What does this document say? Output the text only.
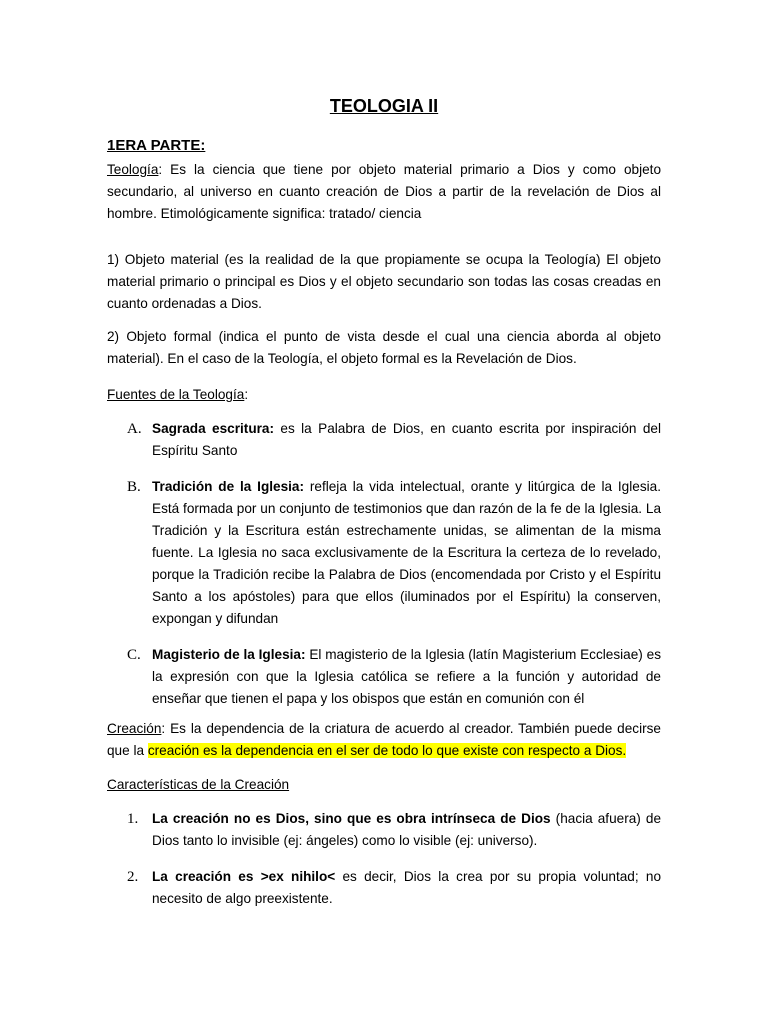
TEOLOGIA II
1ERA PARTE:

Teología: Es la ciencia que tiene por objeto material primario a Dios y como objeto secundario, al universo en cuanto creación de Dios a partir de la revelación de Dios al hombre. Etimológicamente significa: tratado/ ciencia

1) Objeto material (es la realidad de la que propiamente se ocupa la Teología) El objeto material primario o principal es Dios y el objeto secundario son todas las cosas creadas en cuanto ordenadas a Dios.

2) Objeto formal (indica el punto de vista desde el cual una ciencia aborda al objeto material). En el caso de la Teología, el objeto formal es la Revelación de Dios.

Fuentes de la Teología:

A. Sagrada escritura: es la Palabra de Dios, en cuanto escrita por inspiración del Espíritu Santo
B. Tradición de la Iglesia: refleja la vida intelectual, orante y litúrgica de la Iglesia. Está formada por un conjunto de testimonios que dan razón de la fe de la Iglesia. La Tradición y la Escritura están estrechamente unidas, se alimentan de la misma fuente. La Iglesia no saca exclusivamente de la Escritura la certeza de lo revelado, porque la Tradición recibe la Palabra de Dios (encomendada por Cristo y el Espíritu Santo a los apóstoles) para que ellos (iluminados por el Espíritu) la conserven, expongan y difundan
C. Magisterio de la Iglesia: El magisterio de la Iglesia (latín Magisterium Ecclesiae) es la expresión con que la Iglesia católica se refiere a la función y autoridad de enseñar que tienen el papa y los obispos que están en comunión con él

Creación: Es la dependencia de la criatura de acuerdo al creador. También puede decirse que la creación es la dependencia en el ser de todo lo que existe con respecto a Dios.

Características de la Creación

1. La creación no es Dios, sino que es obra intrínseca de Dios (hacia afuera) de Dios tanto lo invisible (ej: ángeles) como lo visible (ej: universo).
2. La creación es >ex nihilo< es decir, Dios la crea por su propia voluntad; no necesito de algo preexistente.
